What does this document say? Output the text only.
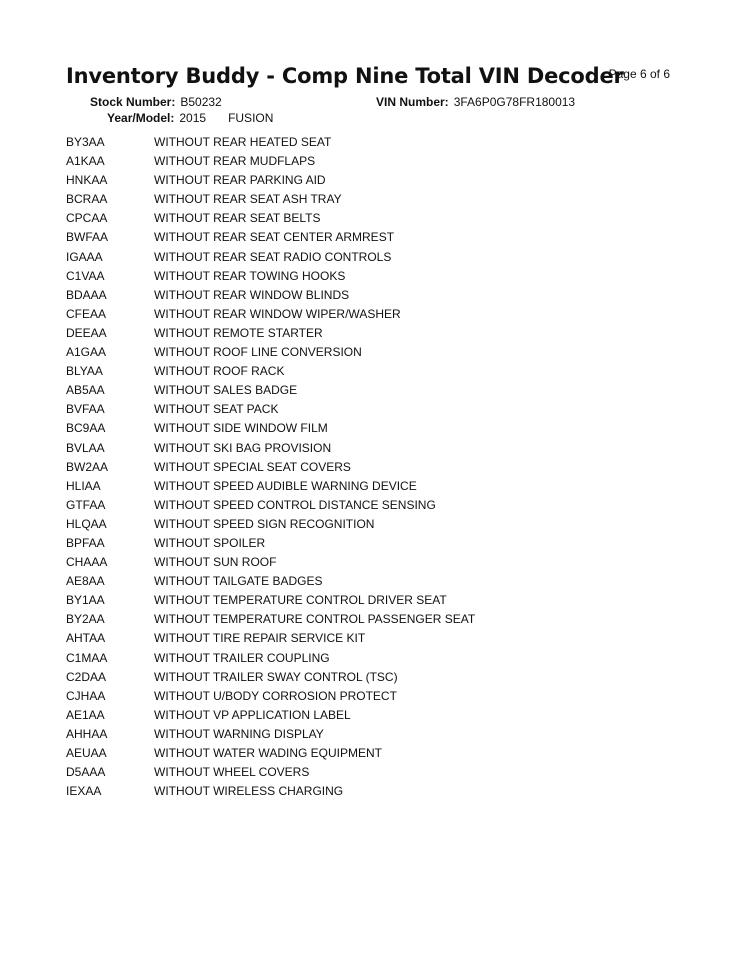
Inventory Buddy - Comp Nine Total VIN Decoder
Page 6 of 6
Stock Number: B50232	VIN Number: 3FA6P0G78FR180013
Year/Model: 2015 FUSION
BY3AA	WITHOUT REAR HEATED SEAT
A1KAA	WITHOUT REAR MUDFLAPS
HNKAA	WITHOUT REAR PARKING AID
BCRAA	WITHOUT REAR SEAT ASH TRAY
CPCAA	WITHOUT REAR SEAT BELTS
BWFAA	WITHOUT REAR SEAT CENTER ARMREST
IGAAA	WITHOUT REAR SEAT RADIO CONTROLS
C1VAA	WITHOUT REAR TOWING HOOKS
BDAAA	WITHOUT REAR WINDOW BLINDS
CFEAA	WITHOUT REAR WINDOW WIPER/WASHER
DEEAA	WITHOUT REMOTE STARTER
A1GAA	WITHOUT ROOF LINE CONVERSION
BLYAA	WITHOUT ROOF RACK
AB5AA	WITHOUT SALES BADGE
BVFAA	WITHOUT SEAT PACK
BC9AA	WITHOUT SIDE WINDOW FILM
BVLAA	WITHOUT SKI BAG PROVISION
BW2AA	WITHOUT SPECIAL SEAT COVERS
HLIAA	WITHOUT SPEED AUDIBLE WARNING DEVICE
GTFAA	WITHOUT SPEED CONTROL DISTANCE SENSING
HLQAA	WITHOUT SPEED SIGN RECOGNITION
BPFAA	WITHOUT SPOILER
CHAAA	WITHOUT SUN ROOF
AE8AA	WITHOUT TAILGATE BADGES
BY1AA	WITHOUT TEMPERATURE CONTROL DRIVER SEAT
BY2AA	WITHOUT TEMPERATURE CONTROL PASSENGER SEAT
AHTAA	WITHOUT TIRE REPAIR SERVICE KIT
C1MAA	WITHOUT TRAILER COUPLING
C2DAA	WITHOUT TRAILER SWAY CONTROL (TSC)
CJHAA	WITHOUT U/BODY CORROSION PROTECT
AE1AA	WITHOUT VP APPLICATION LABEL
AHHAA	WITHOUT WARNING DISPLAY
AEUAA	WITHOUT WATER WADING EQUIPMENT
D5AAA	WITHOUT WHEEL COVERS
IEXAA	WITHOUT WIRELESS CHARGING
